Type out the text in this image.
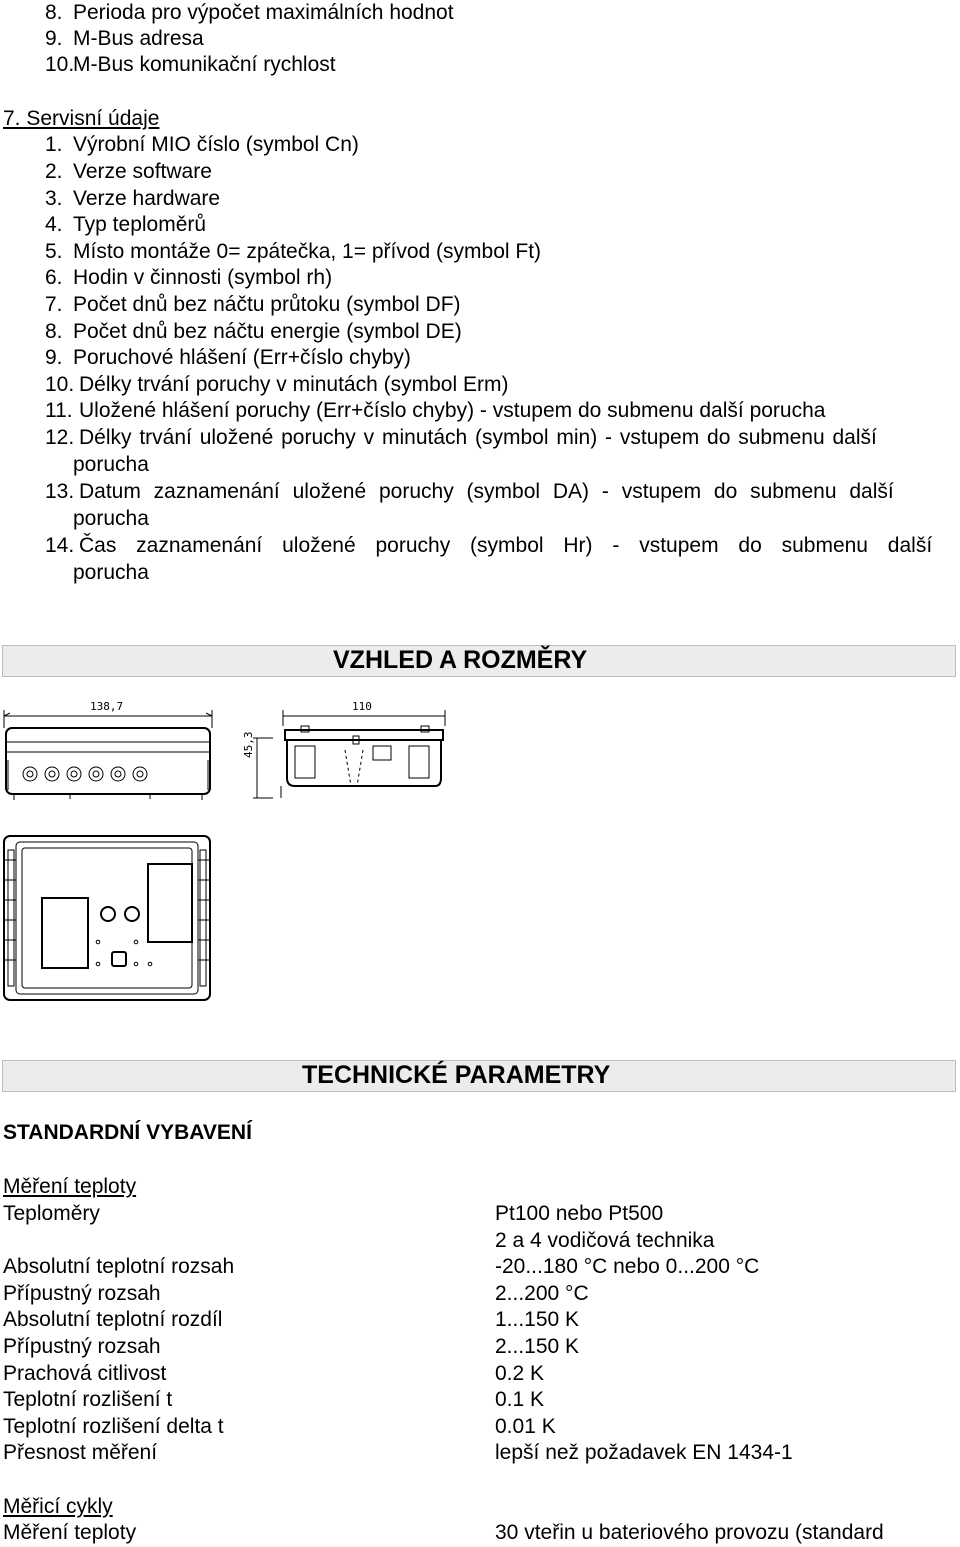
8. Perioda pro výpočet maximálních hodnot
9. M-Bus adresa
10.
M-Bus komunikační rychlost
7. Servisní údaje
1. Výrobní MIO číslo (symbol Cn)
2. Verze software
3. Verze hardware
4. Typ teploměrů
5. Místo montáže 0= zpátečka, 1= přívod (symbol Ft)
6. Hodin v činnosti (symbol rh)
7. Počet dnů bez náčtu průtoku (symbol DF)
8. Počet dnů bez náčtu energie (symbol DE)
9. Poruchové hlášení (Err+číslo chyby)
10. Délky trvání poruchy v minutách (symbol Erm)
11. Uložené hlášení poruchy (Err+číslo chyby) - vstupem do submenu další porucha
12. Délky trvání uložené poruchy v minutách (symbol min) - vstupem do submenu další
porucha
13. Datum zaznamenání uložené poruchy (symbol DA) - vstupem do submenu další
porucha
14. Čas zaznamenání uložené poruchy (symbol Hr) - vstupem do submenu další
porucha
VZHLED A ROZMĚRY
138,7	110
45,3
TECHNICKÉ PARAMETRY
STANDARDNÍ VYBAVENÍ
Měření teploty
Teploměry	Pt100 nebo Pt500
2 a 4 vodičová technika
Absolutní teplotní rozsah	-20...180 °C nebo 0...200 °C
Přípustný rozsah	2...200 °C
Absolutní teplotní rozdíl	1...150 K
Přípustný rozsah	2...150 K
Prachová citlivost	0.2 K
Teplotní rozlišení t	0.1 K
Teplotní rozlišení delta t	0.01 K
Přesnost měření	lepší než požadavek EN 1434-1
Měřicí cykly
Měření teploty	30 vteřin u bateriového provozu (standard
